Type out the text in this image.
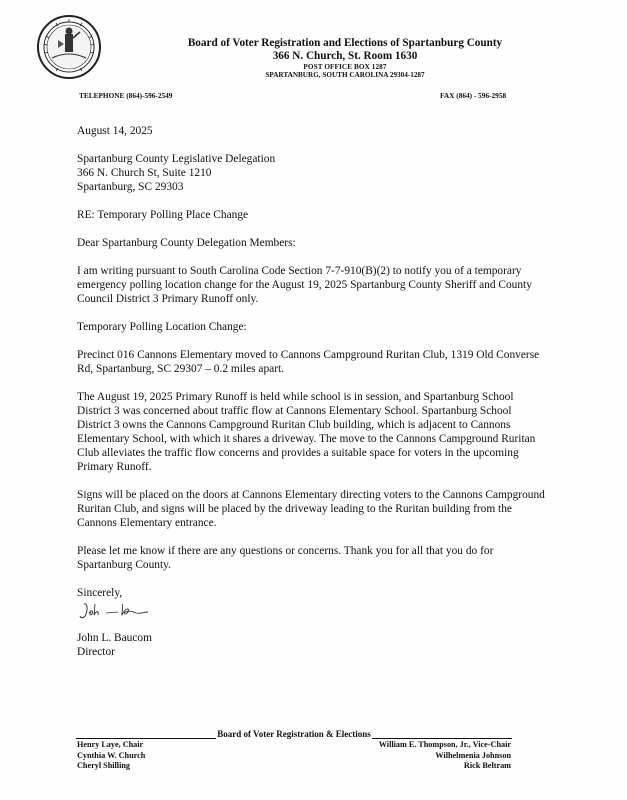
Board of Voter Registration and Elections of Spartanburg County
366 N. Church, St. Room 1630
POST OFFICE BOX 1287
SPARTANBURG, SOUTH CAROLINA 29304-1287
TELEPHONE (864)-596-2549	FAX (864) - 596-2958

August 14, 2025

Spartanburg County Legislative Delegation

366 N. Church St, Suite 1210

Spartanburg, SC 29303

RE: Temporary Polling Place Change

Dear Spartanburg County Delegation Members:

I am writing pursuant to South Carolina Code Section 7-7-910(B)(2) to notify you of a temporary emergency polling location change for the August 19, 2025 Spartanburg County Sheriff and County Council District 3 Primary Runoff only.

Temporary Polling Location Change:

Precinct 016 Cannons Elementary moved to Cannons Campground Ruritan Club, 1319 Old Converse Rd, Spartanburg, SC 29307 – 0.2 miles apart.

The August 19, 2025 Primary Runoff is held while school is in session, and Spartanburg School District 3 was concerned about traffic flow at Cannons Elementary School. Spartanburg School District 3 owns the Cannons Campground Ruritan Club building, which is adjacent to Cannons Elementary School, with which it shares a driveway. The move to the Cannons Campground Ruritan Club alleviates the traffic flow concerns and provides a suitable space for voters in the upcoming Primary Runoff.

Signs will be placed on the doors at Cannons Elementary directing voters to the Cannons Campground Ruritan Club, and signs will be placed by the driveway leading to the Ruritan building from the Cannons Elementary entrance.

Please let me know if there are any questions or concerns. Thank you for all that you do for Spartanburg County.

Sincerely,

John L. Baucom
Director
Board of Voter Registration & Elections
Henry Laye, Chair
Cynthia W. Church
Cheryl Shilling
William E. Thompson, Jr., Vice-Chair
Wilhelmenia Johnson
Rick Beltram
